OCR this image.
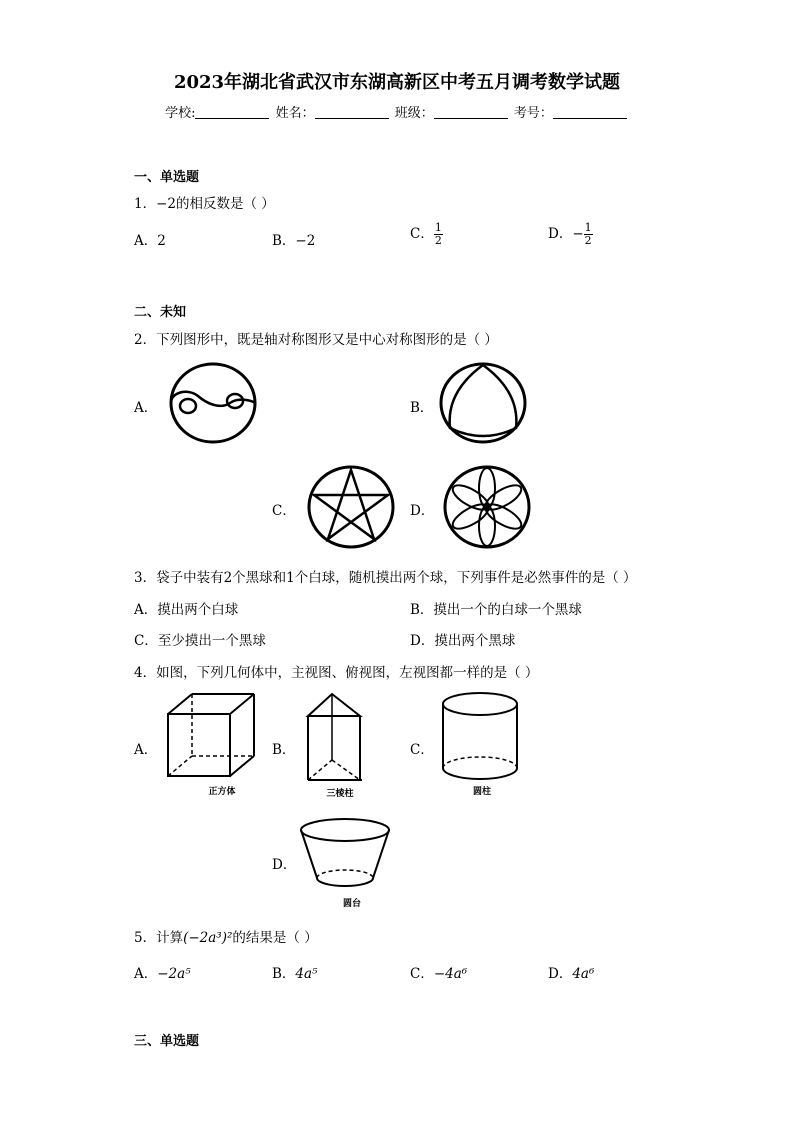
2023年湖北省武汉市东湖高新区中考五月调考数学试题
学校:	姓名：	班级：	考号：
一、单选题
1．−2的相反数是（ ）
A．2	B．−2	C． $\frac{1}{2}$	D．− $\frac{1}{2}$
二、未知
2．下列图形中，既是轴对称图形又是中心对称图形的是（ ）
A．	B．
C．	D．
3．袋子中装有2个黑球和1个白球，随机摸出两个球，下列事件是必然事件的是（ ）
A．摸出两个白球	B．摸出一个的白球一个黑球
C．至少摸出一个黑球	D．摸出两个黑球
4．如图，下列几何体中，主视图、俯视图，左视图都一样的是（ ）
A．
正方体
B．
三棱柱
C．
圆柱
D．
圆台
5．计算(−2a³)²的结果是（ ）
A．−2a⁵	B．4a⁵	C．−4a⁶	D．4a⁶
三、单选题
